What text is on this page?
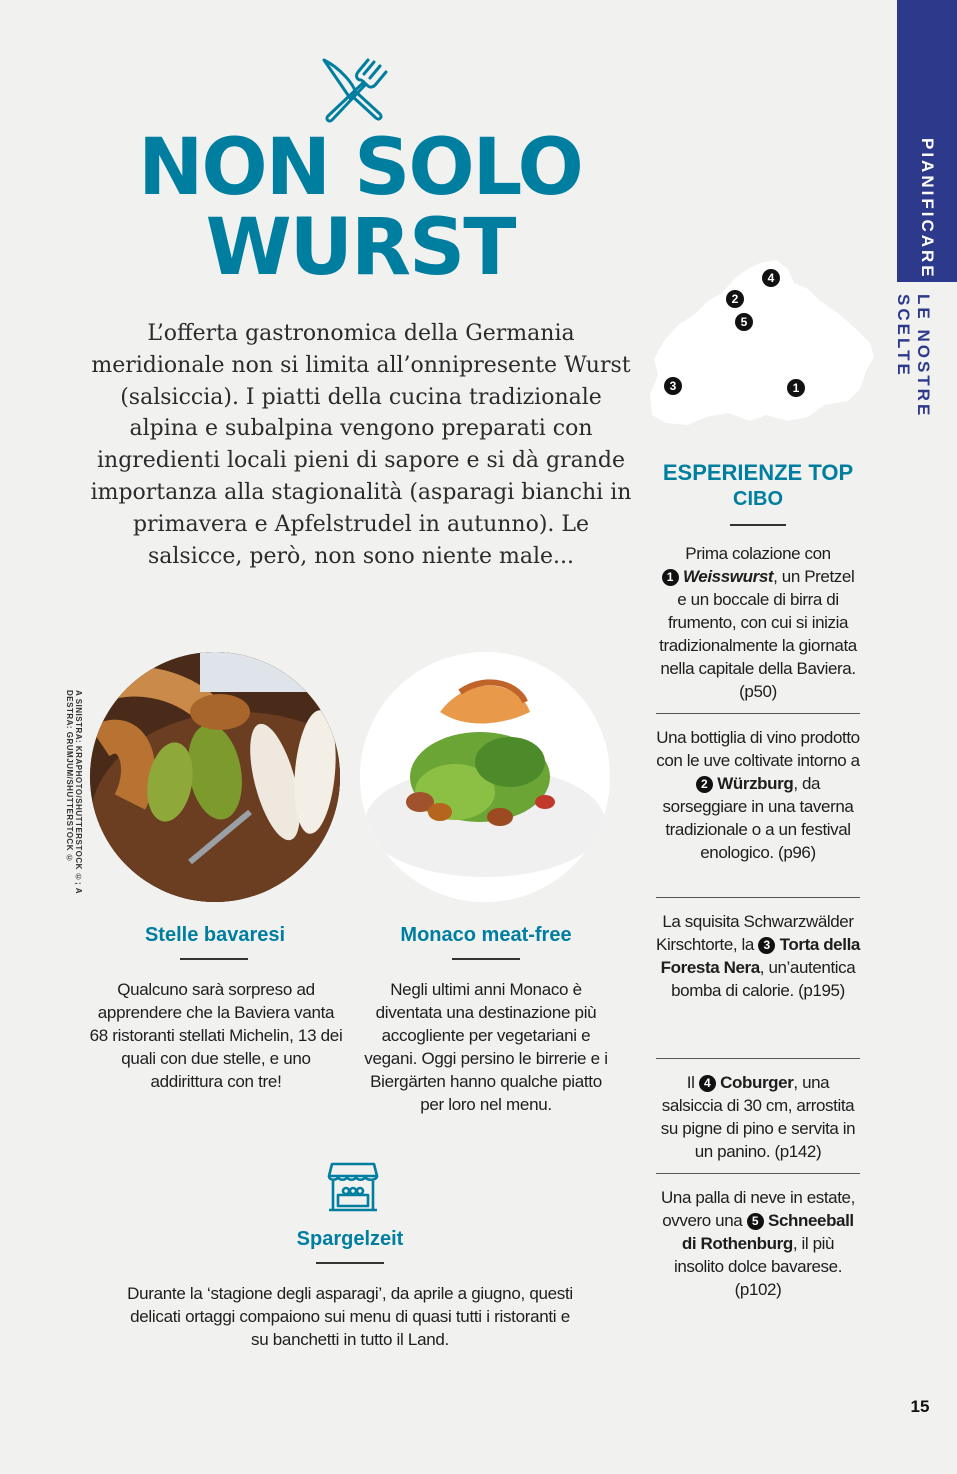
PIANIFICARE
LE NOSTRE SCELTE
NON SOLO
WURST
L’offerta gastronomica della Germania meridionale non si limita all’onnipresente Wurst (salsiccia). I piatti della cucina tradizionale alpina e subalpina vengono preparati con ingredienti locali pieni di sapore e si dà grande importanza alla stagionalità (asparagi bianchi in primavera e Apfelstrudel in autunno). Le salsicce, però, non sono niente male...
A SINISTRA: KRAPHOTO/SHUTTERSTOCK ©; A DESTRA: GRUMJUM/SHUTTERSTOCK ©
Stelle bavaresi
Qualcuno sarà sorpreso ad apprendere che la Baviera vanta 68 ristoranti stellati Michelin, 13 dei quali con due stelle, e uno addirittura con tre!
Monaco meat-free
Negli ultimi anni Monaco è diventata una destinazione più accogliente per vegetariani e vegani. Oggi persino le birrerie e i Biergärten hanno qualche piatto per loro nel menu.
Spargelzeit
Durante la ‘stagione degli asparagi’, da aprile a giugno, questi delicati ortaggi compaiono sui menu di quasi tutti i ristoranti e su banchetti in tutto il Land.
4
2
5
3	1
ESPERIENZE TOP
CIBO
Prima colazione con
1 Weisswurst, un Pretzel e un boccale di birra di frumento, con cui si inizia tradizionalmente la giornata nella capitale della Baviera. (p50)
Una bottiglia di vino prodotto con le uve coltivate intorno a 2 Würzburg, da sorseggiare in una taverna tradizionale o a un festival enologico. (p96)
La squisita Schwarzwälder Kirschtorte, la 3 Torta della Foresta Nera, un’autentica bomba di calorie. (p195)
Il 4 Coburger, una salsiccia di 30 cm, arrostita su pigne di pino e servita in un panino. (p142)
Una palla di neve in estate, ovvero una 5 Schneeball di Rothenburg, il più insolito dolce bavarese. (p102)
15
